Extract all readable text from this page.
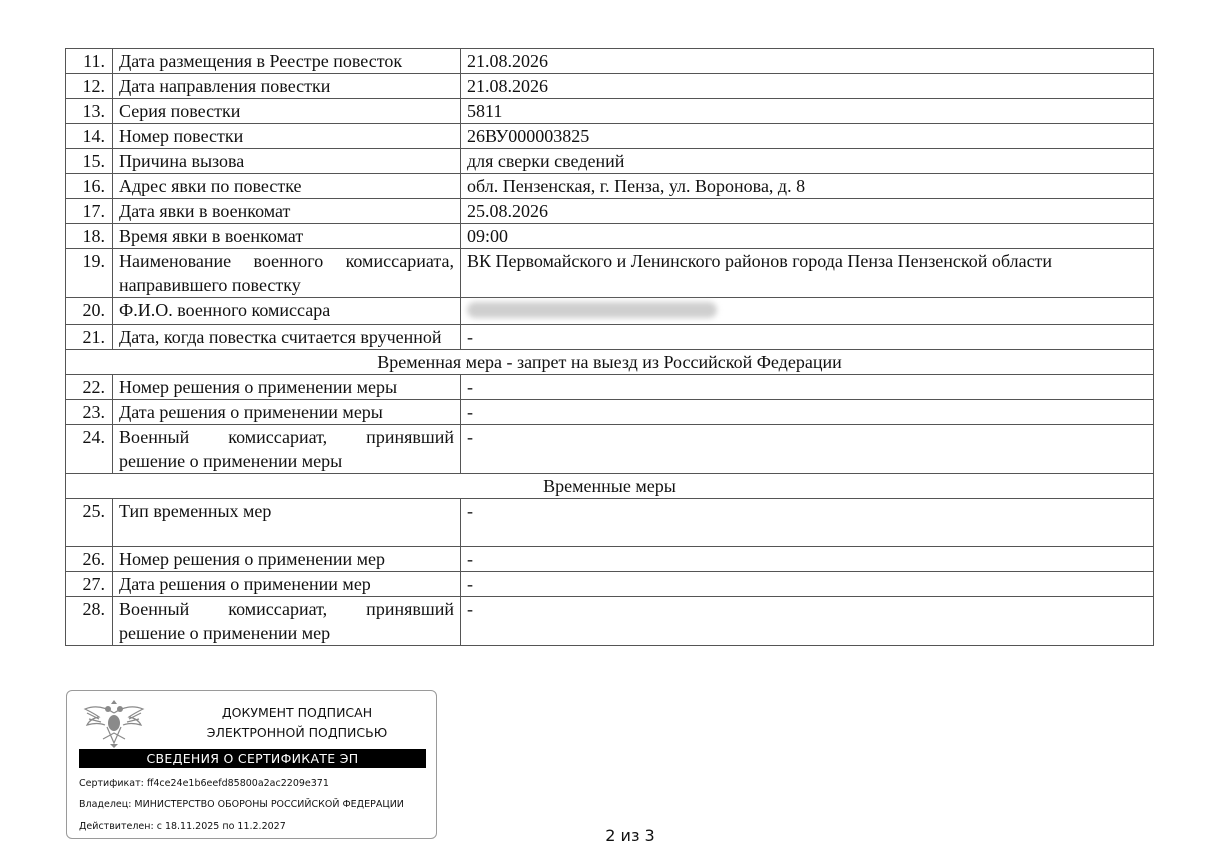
11.	Дата размещения в Реестре повесток	21.08.2026
12.	Дата направления повестки	21.08.2026
13.	Серия повестки	5811
14.	Номер повестки	26ВУ000003825
15.	Причина вызова	для сверки сведений
16.	Адрес явки по повестке	обл. Пензенская, г. Пенза, ул. Воронова, д. 8
17.	Дата явки в военкомат	25.08.2026
18.	Время явки в военкомат	09:00
19.	Наименование военного комиссариата, направившего повестку	ВК Первомайского и Ленинского районов города Пенза Пензенской области
20.	Ф.И.О. военного комиссара	
21.	Дата, когда повестка считается врученной	-
Временная мера - запрет на выезд из Российской Федерации		
22.	Номер решения о применении меры	-
23.	Дата решения о применении меры	-
24.	Военный комиссариат, принявший решение о применении меры	-
Временные меры		
25.	Тип временных мер	-
26.	Номер решения о применении мер	-
27.	Дата решения о применении мер	-
28.	Военный комиссариат, принявший решение о применении мер	-
ДОКУМЕНТ ПОДПИСАН
ЭЛЕКТРОННОЙ ПОДПИСЬЮ
СВЕДЕНИЯ О СЕРТИФИКАТЕ ЭП
Сертификат: ff4ce24e1b6eefd85800a2ac2209e371
Владелец: МИНИСТЕРСТВО ОБОРОНЫ РОССИЙСКОЙ ФЕДЕРАЦИИ
Действителен: с 18.11.2025 по 11.2.2027	2 из 3
